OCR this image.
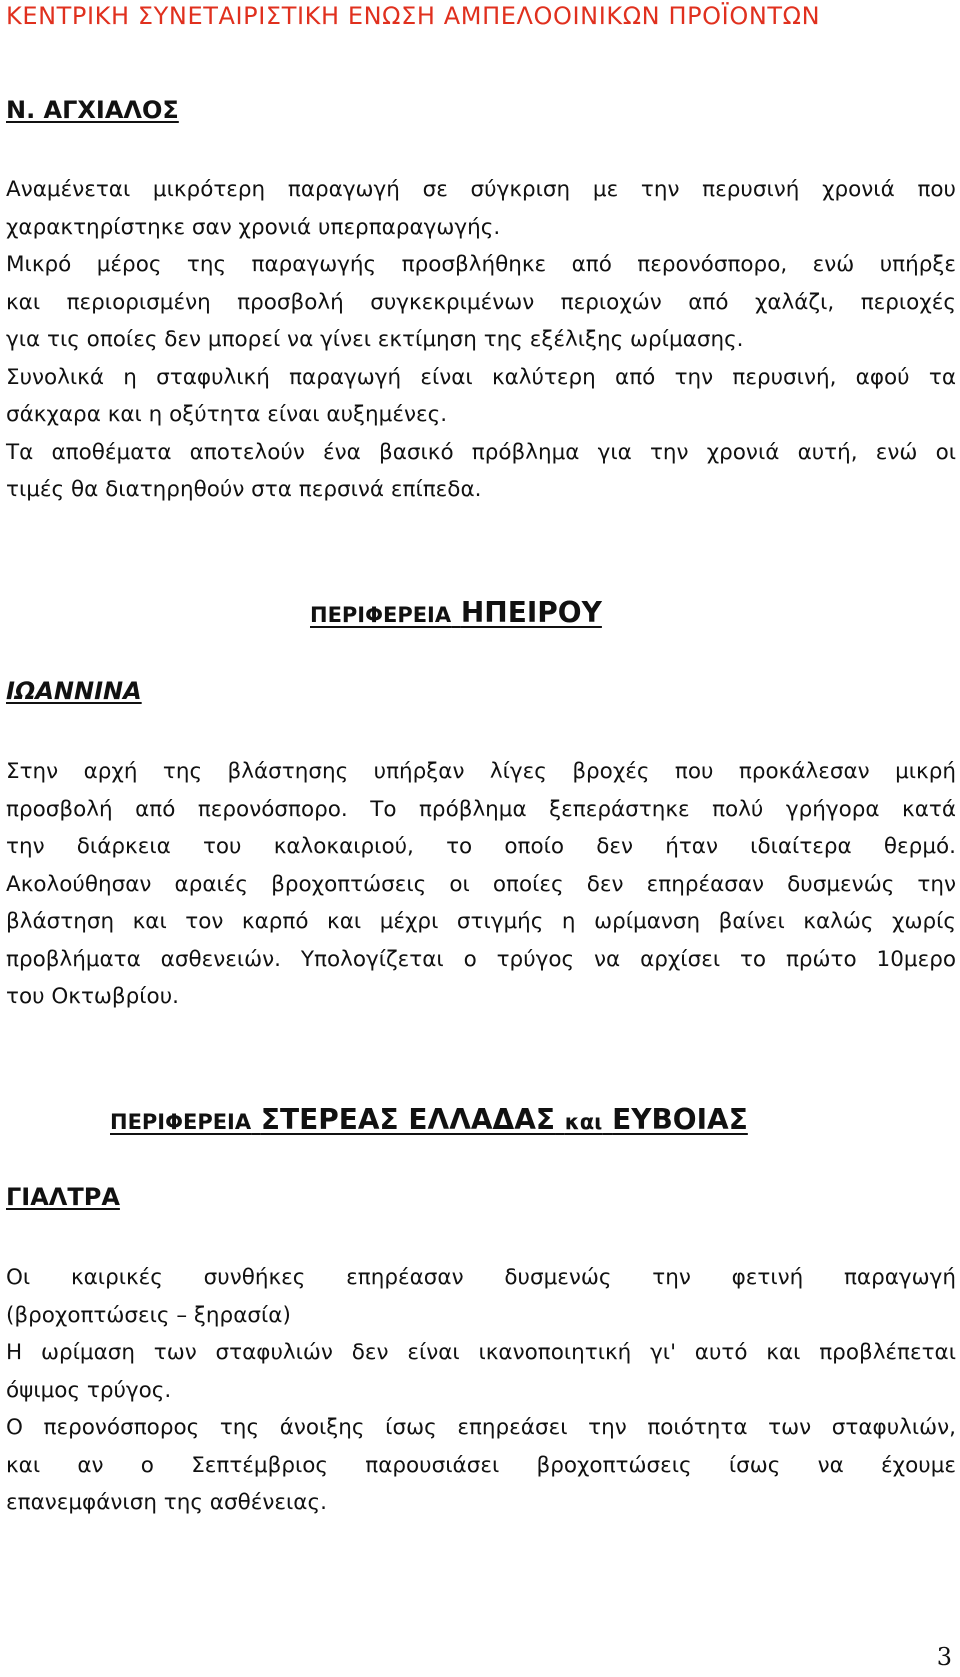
ΚΕΝΤΡΙΚΗ ΣΥΝΕΤΑΙΡΙΣΤΙΚΗ ΕΝΩΣΗ ΑΜΠΕΛΟΟΙΝΙΚΩΝ ΠΡΟΪΟΝΤΩΝ
Ν. ΑΓΧΙΑΛΟΣ
Αναμένεται μικρότερη παραγωγή σε σύγκριση με την περυσινή χρονιά που
χαρακτηρίστηκε σαν χρονιά υπερπαραγωγής.
Μικρό μέρος της παραγωγής προσβλήθηκε από περονόσπορο, ενώ υπήρξε
και περιορισμένη προσβολή συγκεκριμένων περιοχών από χαλάζι, περιοχές
για τις οποίες δεν μπορεί να γίνει εκτίμηση της εξέλιξης ωρίμασης.
Συνολικά η σταφυλική παραγωγή είναι καλύτερη από την περυσινή, αφού τα
σάκχαρα και η οξύτητα είναι αυξημένες.
Τα αποθέματα αποτελούν ένα βασικό πρόβλημα για την χρονιά αυτή, ενώ οι
τιμές θα διατηρηθούν στα περσινά επίπεδα.
ΠΕΡΙΦΕΡΕΙΑ ΗΠΕΙΡΟΥ
ΙΩΑΝΝΙΝΑ
Στην αρχή της βλάστησης υπήρξαν λίγες βροχές που προκάλεσαν μικρή
προσβολή από περονόσπορο. Το πρόβλημα ξεπεράστηκε πολύ γρήγορα κατά
την διάρκεια του καλοκαιριού, το οποίο δεν ήταν ιδιαίτερα θερμό.
Ακολούθησαν αραιές βροχοπτώσεις οι οποίες δεν επηρέασαν δυσμενώς την
βλάστηση και τον καρπό και μέχρι στιγμής η ωρίμανση βαίνει καλώς χωρίς
προβλήματα ασθενειών. Υπολογίζεται ο τρύγος να αρχίσει το πρώτο 10μερο
του Οκτωβρίου.
ΠΕΡΙΦΕΡΕΙΑ ΣΤΕΡΕΑΣ ΕΛΛΑΔΑΣ και ΕΥΒΟΙΑΣ
ΓΙΑΛΤΡΑ
Οι καιρικές συνθήκες επηρέασαν δυσμενώς την φετινή παραγωγή
(βροχοπτώσεις – ξηρασία)
Η ωρίμαση των σταφυλιών δεν είναι ικανοποιητική γι' αυτό και προβλέπεται
όψιμος τρύγος.
Ο περονόσπορος της άνοιξης ίσως επηρεάσει την ποιότητα των σταφυλιών,
και αν ο Σεπτέμβριος παρουσιάσει βροχοπτώσεις ίσως να έχουμε
επανεμφάνιση της ασθένειας.
3
